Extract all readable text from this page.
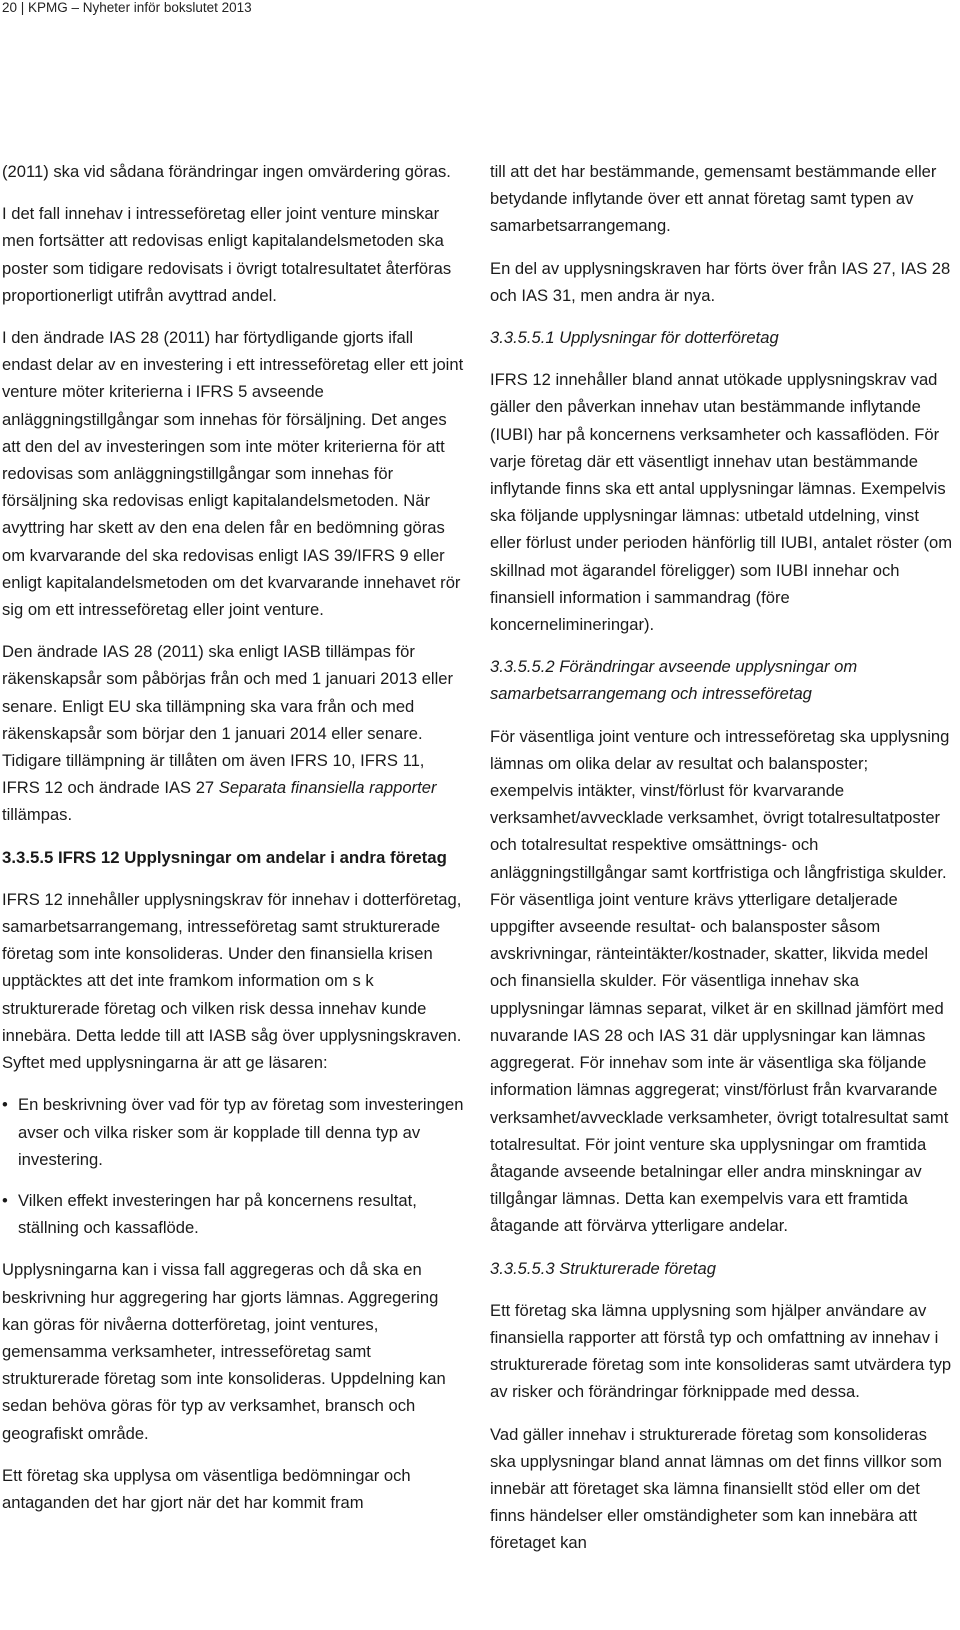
20 | KPMG – Nyheter inför bokslutet 2013

(2011) ska vid sådana förändringar ingen omvärdering göras.

I det fall innehav i intresseföretag eller joint venture minskar men fortsätter att redovisas enligt kapitalandelsmetoden ska poster som tidigare redovisats i övrigt totalresultatet återföras proportionerligt utifrån avyttrad andel.

I den ändrade IAS 28 (2011) har förtydligande gjorts ifall endast delar av en investering i ett intresseföretag eller ett joint venture möter kriterierna i IFRS 5 avseende anläggningstillgångar som innehas för försäljning. Det anges att den del av investeringen som inte möter kriterierna för att redovisas som anläggningstillgångar som innehas för försäljning ska redovisas enligt kapitalandelsmetoden. När avyttring har skett av den ena delen får en bedömning göras om kvarvarande del ska redovisas enligt IAS 39/IFRS 9 eller enligt kapitalandelsmetoden om det kvarvarande innehavet rör sig om ett intresseföretag eller joint venture.

Den ändrade IAS 28 (2011) ska enligt IASB tillämpas för räkenskapsår som påbörjas från och med 1 januari 2013 eller senare. Enligt EU ska tillämpning ska vara från och med räkenskapsår som börjar den 1 januari 2014 eller senare. Tidigare tillämpning är tillåten om även IFRS 10, IFRS 11, IFRS 12 och ändrade IAS 27 Separata finansiella rapporter tillämpas.

3.3.5.5 IFRS 12 Upplysningar om andelar i andra företag

IFRS 12 innehåller upplysningskrav för innehav i dotterföretag, samarbetsarrangemang, intresseföretag samt strukturerade företag som inte konsolideras. Under den finansiella krisen upptäcktes att det inte framkom information om s k strukturerade företag och vilken risk dessa innehav kunde innebära. Detta ledde till att IASB såg över upplysningskraven. Syftet med upplysningarna är att ge läsaren:

• En beskrivning över vad för typ av företag som investeringen avser och vilka risker som är kopplade till denna typ av investering.
• Vilken effekt investeringen har på koncernens resultat, ställning och kassaflöde.

Upplysningarna kan i vissa fall aggregeras och då ska en beskrivning hur aggregering har gjorts lämnas. Aggregering kan göras för nivåerna dotterföretag, joint ventures, gemensamma verksamheter, intresseföretag samt strukturerade företag som inte konsolideras. Uppdelning kan sedan behöva göras för typ av verksamhet, bransch och geografiskt område.

Ett företag ska upplysa om väsentliga bedömningar och antaganden det har gjort när det har kommit fram

till att det har bestämmande, gemensamt bestämmande eller betydande inflytande över ett annat företag samt typen av samarbetsarrangemang.

En del av upplysningskraven har förts över från IAS 27, IAS 28 och IAS 31, men andra är nya.

3.3.5.5.1 Upplysningar för dotterföretag

IFRS 12 innehåller bland annat utökade upplysningskrav vad gäller den påverkan innehav utan bestämmande inflytande (IUBI) har på koncernens verksamheter och kassaflöden. För varje företag där ett väsentligt innehav utan bestämmande inflytande finns ska ett antal upplysningar lämnas. Exempelvis ska följande upplysningar lämnas: utbetald utdelning, vinst eller förlust under perioden hänförlig till IUBI, antalet röster (om skillnad mot ägarandel föreligger) som IUBI innehar och finansiell information i sammandrag (före koncernelimineringar).

3.3.5.5.2 Förändringar avseende upplysningar om samarbetsarrangemang och intresseföretag

För väsentliga joint venture och intresseföretag ska upplysning lämnas om olika delar av resultat och balansposter; exempelvis intäkter, vinst/förlust för kvarvarande verksamhet/avvecklade verksamhet, övrigt totalresultatposter och totalresultat respektive omsättnings- och anläggningstillgångar samt kortfristiga och långfristiga skulder. För väsentliga joint venture krävs ytterligare detaljerade uppgifter avseende resultat- och balansposter såsom avskrivningar, ränteintäkter/kostnader, skatter, likvida medel och finansiella skulder. För väsentliga innehav ska upplysningar lämnas separat, vilket är en skillnad jämfört med nuvarande IAS 28 och IAS 31 där upplysningar kan lämnas aggregerat. För innehav som inte är väsentliga ska följande information lämnas aggregerat; vinst/förlust från kvarvarande verksamhet/avvecklade verksamheter, övrigt totalresultat samt totalresultat. För joint venture ska upplysningar om framtida åtagande avseende betalningar eller andra minskningar av tillgångar lämnas. Detta kan exempelvis vara ett framtida åtagande att förvärva ytterligare andelar.

3.3.5.5.3 Strukturerade företag

Ett företag ska lämna upplysning som hjälper användare av finansiella rapporter att förstå typ och omfattning av innehav i strukturerade företag som inte konsolideras samt utvärdera typ av risker och förändringar förknippade med dessa.

Vad gäller innehav i strukturerade företag som konsolideras ska upplysningar bland annat lämnas om det finns villkor som innebär att företaget ska lämna finansiellt stöd eller om det finns händelser eller omständigheter som kan innebära att företaget kan
